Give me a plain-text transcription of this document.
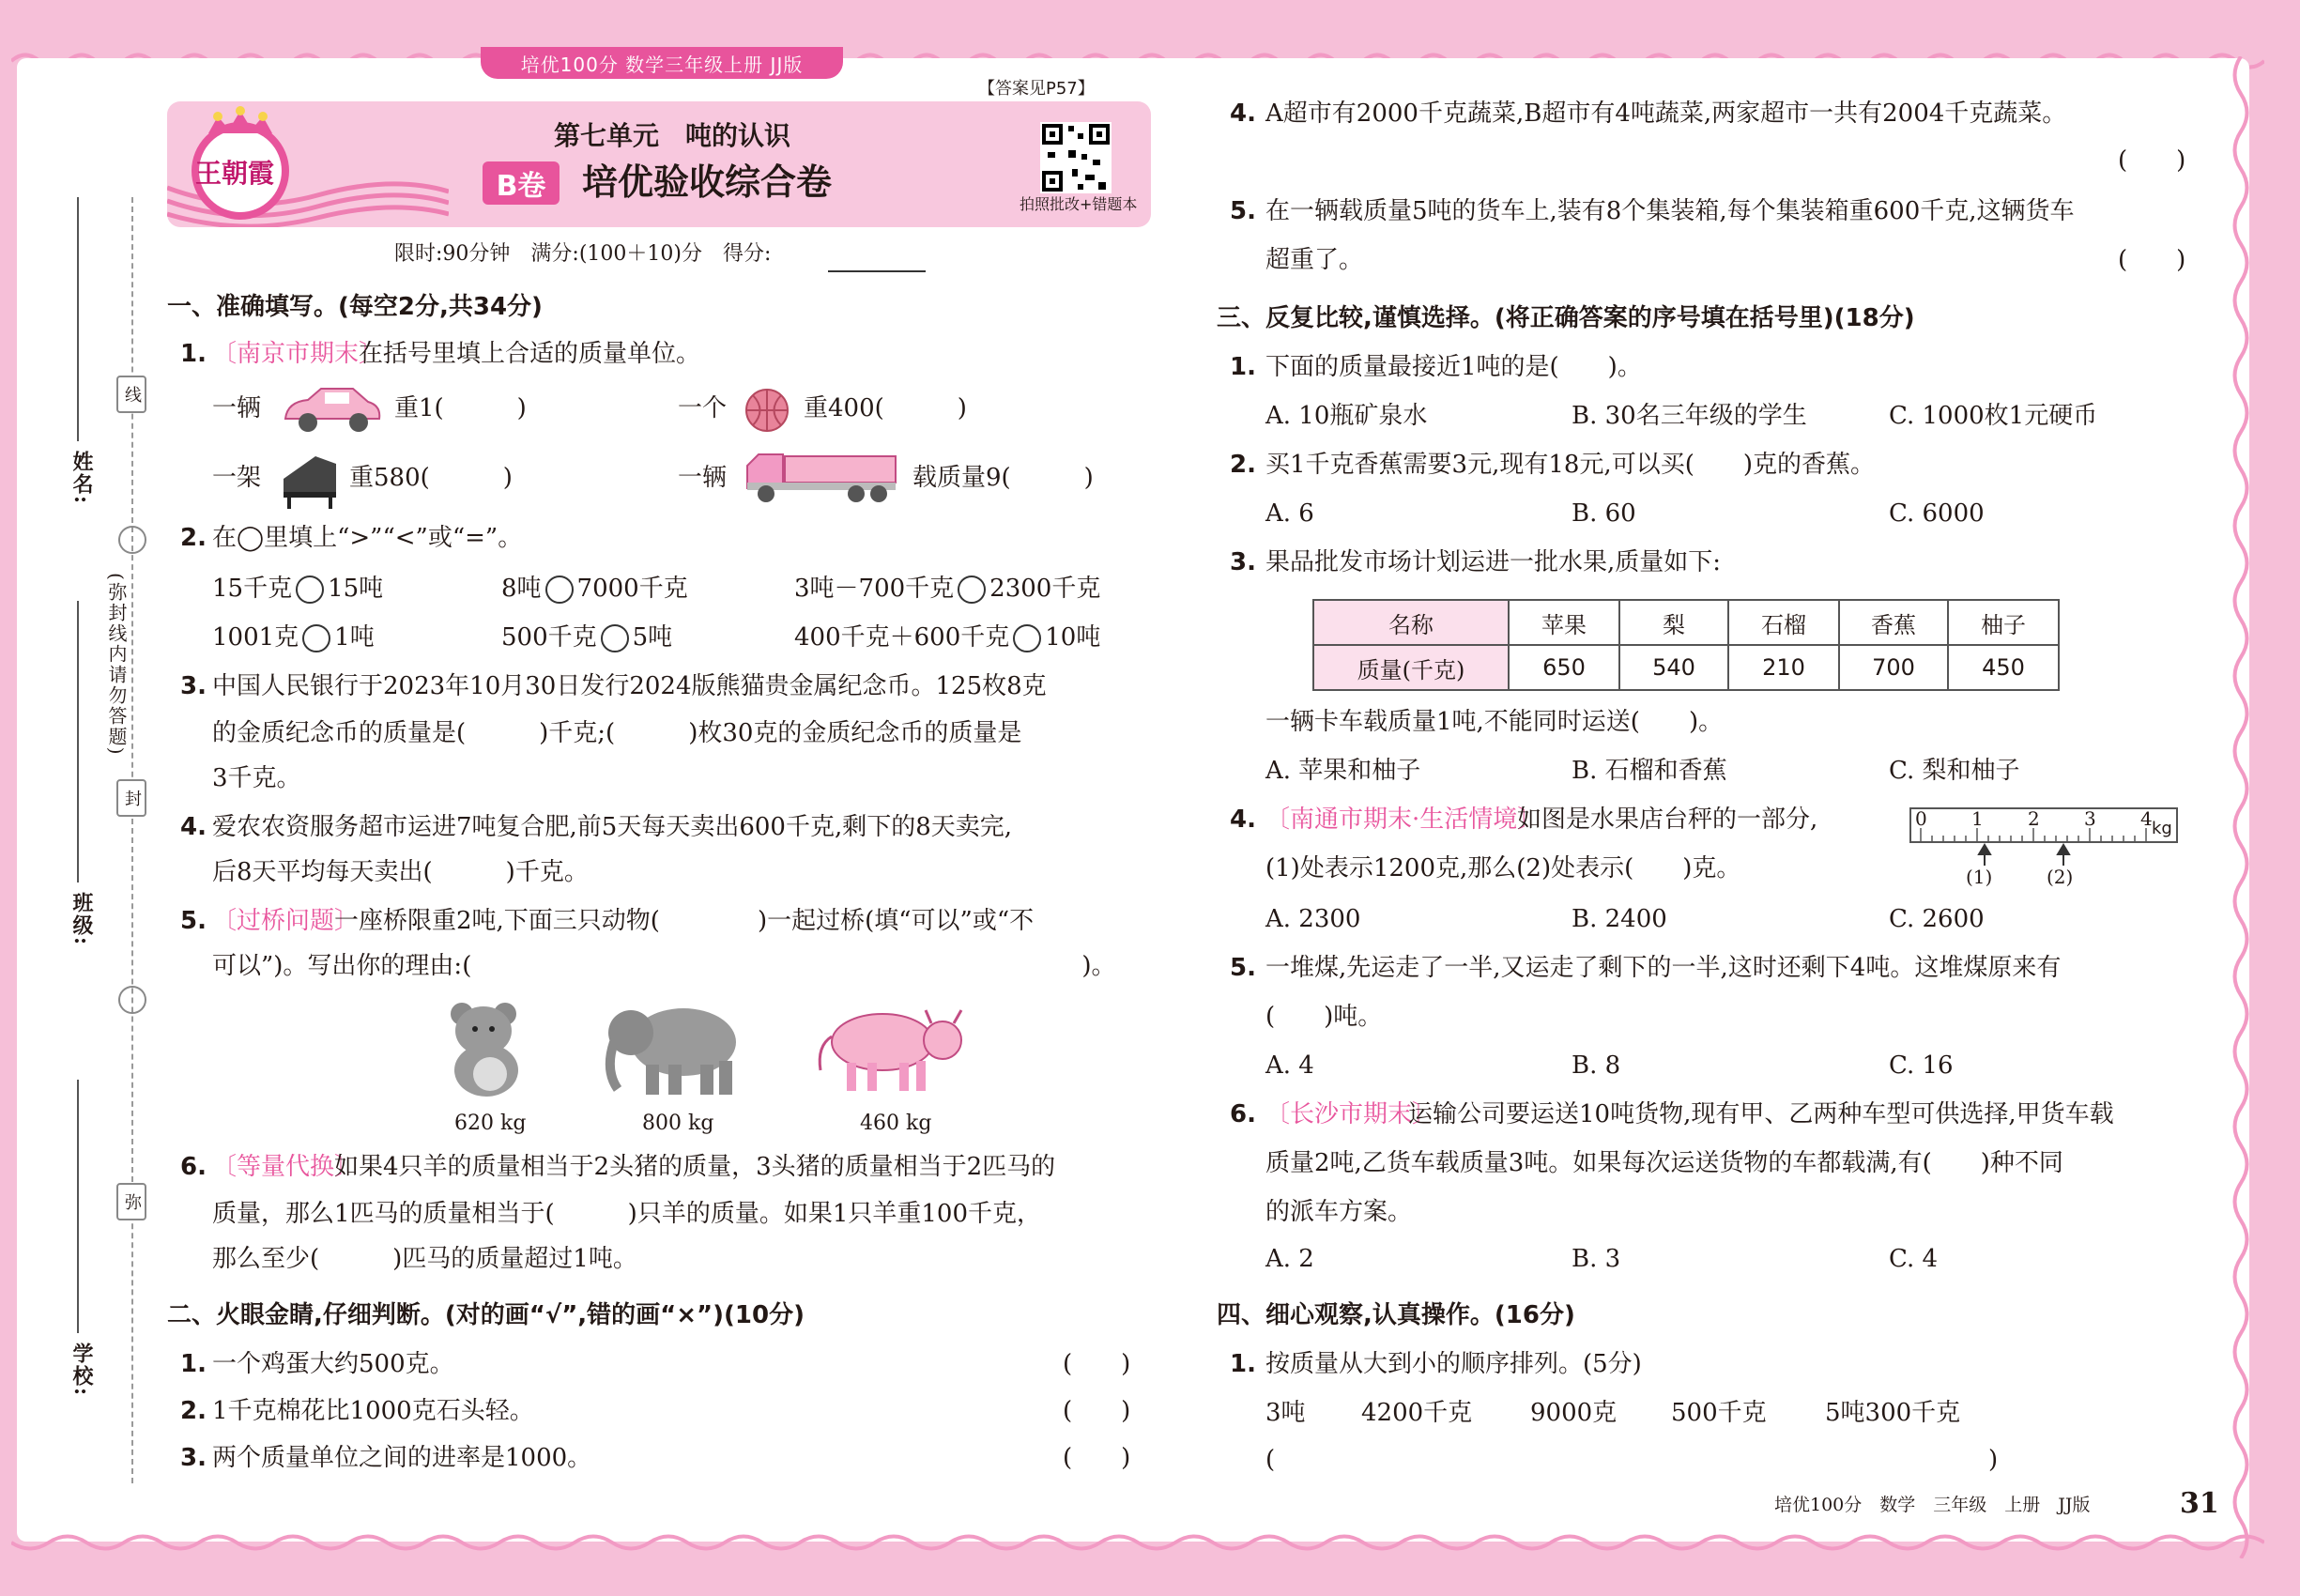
培优100分 数学三年级上册 JJ版
姓名:
班级:
学校:
(弥封线内请勿答题)
线
封
弥
王朝霞
第七单元　吨的认识
B卷	培优验收综合卷
【答案见P57】
拍照批改+错题本
限时:90分钟　满分:(100＋10)分　得分:
一、准确填写。(每空2分,共34分)
1. 〔南京市期末〕
在括号里填上合适的质量单位。
一辆	重1(　　　)	一个	重400(　　　)
一架	重580(　　　)	一辆	载质量9(　　　)
2. 在◯里填上“>”“<”或“=”。
15千克 15吨	8吨 7000千克	3吨－700千克 2300千克
1001克 1吨	500千克 5吨	400千克＋600千克 10吨
3. 中国人民银行于2023年10月30日发行2024版熊猫贵金属纪念币。125枚8克
的金质纪念币的质量是(　　　)千克;(　　　)枚30克的金质纪念币的质量是
3千克。
4. 爱农农资服务超市运进7吨复合肥,前5天每天卖出600千克,剩下的8天卖完,
后8天平均每天卖出(　　　)千克。
5. 〔过桥问题〕
一座桥限重2吨,下面三只动物(　　　　)一起过桥(填“可以”或“不
可以”)。写出你的理由:(　　　　　　　　　　　　　　　　　　　　　　　　　)。
620 kg	800 kg	460 kg
6. 〔等量代换〕
如果4只羊的质量相当于2头猪的质量，3头猪的质量相当于2匹马的
质量，那么1匹马的质量相当于(　　　)只羊的质量。如果1只羊重100千克，
那么至少(　　　)匹马的质量超过1吨。
二、火眼金睛,仔细判断。(对的画“√”,错的画“×”)(10分)
1. 一个鸡蛋大约500克。	(　　)
2. 1千克棉花比1000克石头轻。	(　　)
3. 两个质量单位之间的进率是1000。	(　　)
4. A超市有2000千克蔬菜,B超市有4吨蔬菜,两家超市一共有2004千克蔬菜。
(　　)
5. 在一辆载质量5吨的货车上,装有8个集装箱,每个集装箱重600千克,这辆货车
超重了。	(　　)
三、反复比较,谨慎选择。(将正确答案的序号填在括号里)(18分)
1. 下面的质量最接近1吨的是(　　)。
A. 10瓶矿泉水	B. 30名三年级的学生	C. 1000枚1元硬币
2. 买1千克香蕉需要3元,现有18元,可以买(　　)克的香蕉。
A. 6	B. 60	C. 6000
3. 果品批发市场计划运进一批水果,质量如下:
名称	苹果	梨	石榴	香蕉	柚子
质量(千克)	650	540	210	700	450
一辆卡车载质量1吨,不能同时运送(　　)。
A. 苹果和柚子	B. 石榴和香蕉	C. 梨和柚子
4. 〔南通市期末·生活情境〕
如图是水果店台秤的一部分,
(1)处表示1200克,那么(2)处表示(　　)克。
0 1 2 3 4 kg
(1)	(2)
A. 2300	B. 2400	C. 2600
5. 一堆煤,先运走了一半,又运走了剩下的一半,这时还剩下4吨。这堆煤原来有
(　　)吨。
A. 4	B. 8	C. 16
6. 〔长沙市期末〕
运输公司要运送10吨货物,现有甲、乙两种车型可供选择,甲货车载
质量2吨,乙货车载质量3吨。如果每次运送货物的车都载满,有(　　)种不同
的派车方案。
A. 2	B. 3	C. 4
四、细心观察,认真操作。(16分)
1. 按质量从大到小的顺序排列。(5分)
3吨 4200千克 9000克 500千克 5吨300千克
(	)
培优100分　数学　三年级　上册　JJ版	31
